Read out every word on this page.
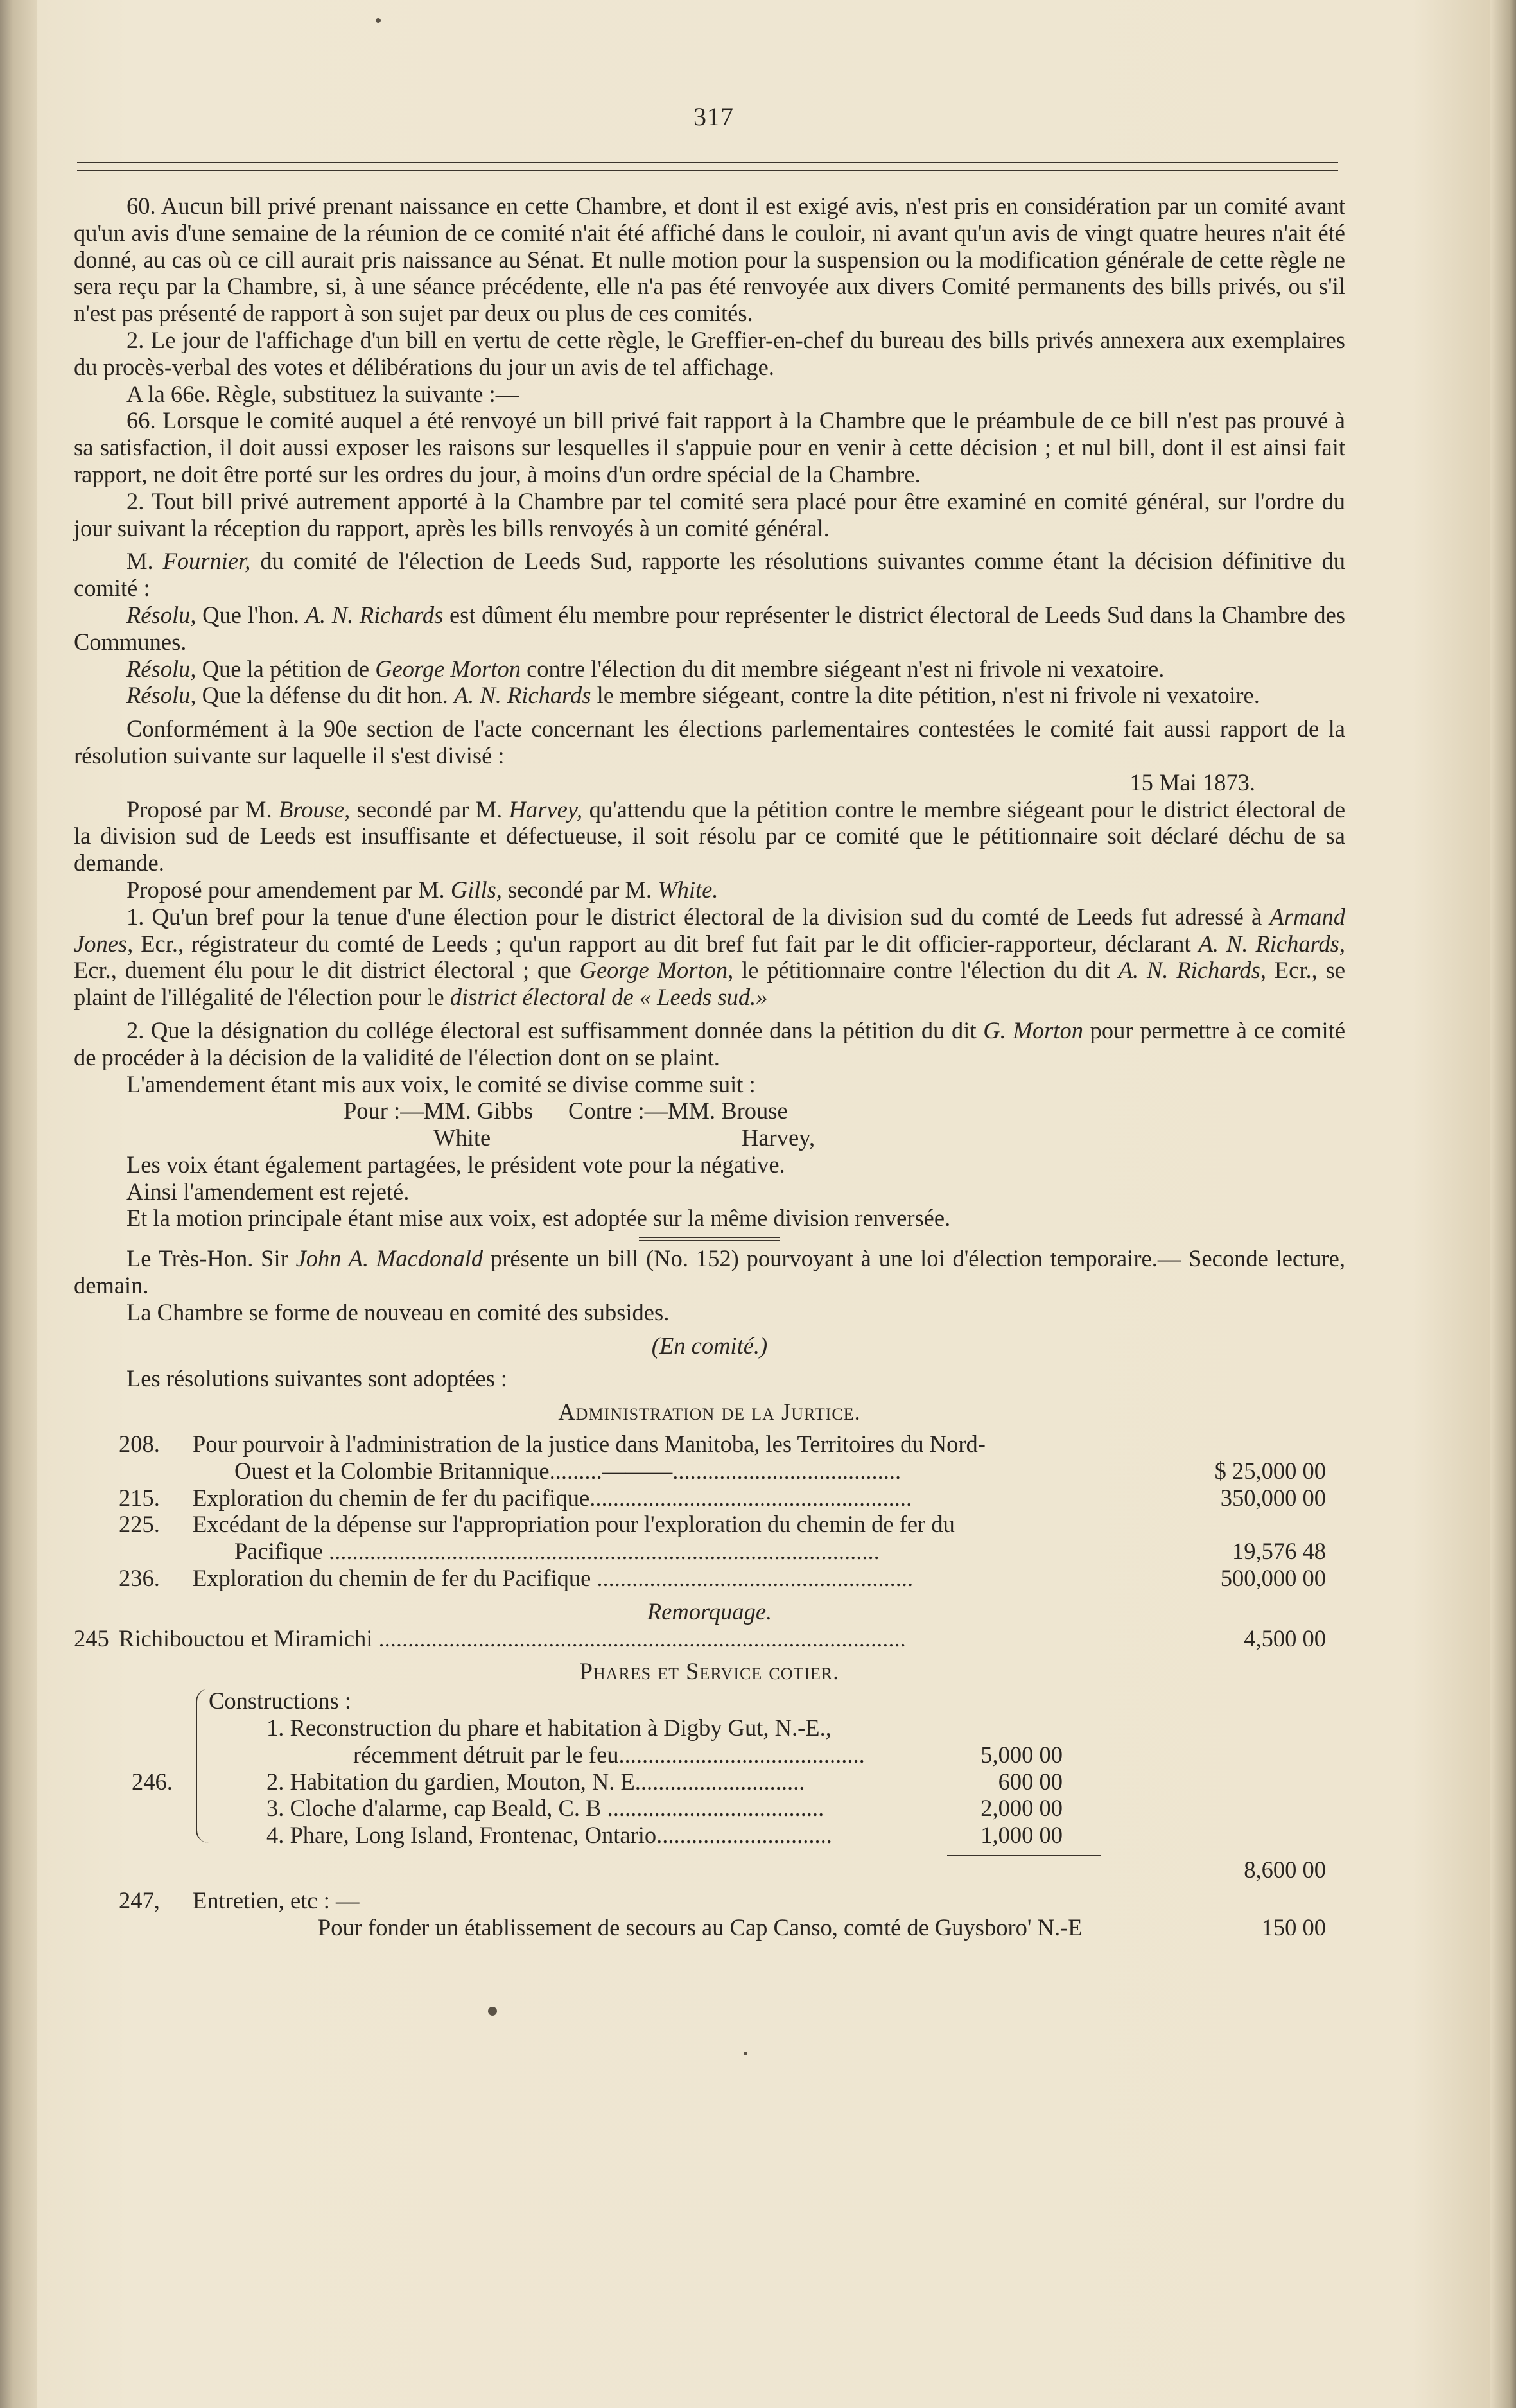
317

60. Aucun bill privé prenant naissance en cette Chambre, et dont il est exigé avis, n'est pris en considération par un comité avant qu'un avis d'une semaine de la réunion de ce comité n'ait été affiché dans le couloir, ni avant qu'un avis de vingt quatre heures n'ait été donné, au cas où ce cill aurait pris naissance au Sénat. Et nulle motion pour la suspension ou la modification générale de cette règle ne sera reçu par la Chambre, si, à une séance précédente, elle n'a pas été renvoyée aux divers Comité permanents des bills privés, ou s'il n'est pas présenté de rapport à son sujet par deux ou plus de ces comités.

2. Le jour de l'affichage d'un bill en vertu de cette règle, le Greffier-en-chef du bureau des bills privés annexera aux exemplaires du procès-verbal des votes et délibérations du jour un avis de tel affichage.

A la 66e. Règle, substituez la suivante :—

66. Lorsque le comité auquel a été renvoyé un bill privé fait rapport à la Chambre que le préambule de ce bill n'est pas prouvé à sa satisfaction, il doit aussi exposer les raisons sur lesquelles il s'appuie pour en venir à cette décision ; et nul bill, dont il est ainsi fait rapport, ne doit être porté sur les ordres du jour, à moins d'un ordre spécial de la Chambre.

2. Tout bill privé autrement apporté à la Chambre par tel comité sera placé pour être examiné en comité général, sur l'ordre du jour suivant la réception du rapport, après les bills renvoyés à un comité général.

M. Fournier, du comité de l'élection de Leeds Sud, rapporte les résolutions suivantes comme étant la décision définitive du comité :

Résolu, Que l'hon. A. N. Richards est dûment élu membre pour représenter le district électoral de Leeds Sud dans la Chambre des Communes.

Résolu, Que la pétition de George Morton contre l'élection du dit membre siégeant n'est ni frivole ni vexatoire.

Résolu, Que la défense du dit hon. A. N. Richards le membre siégeant, contre la dite pétition, n'est ni frivole ni vexatoire.

Conformément à la 90e section de l'acte concernant les élections parlementaires contestées le comité fait aussi rapport de la résolution suivante sur laquelle il s'est divisé :

15 Mai 1873.

Proposé par M. Brouse, secondé par M. Harvey, qu'attendu que la pétition contre le membre siégeant pour le district électoral de la division sud de Leeds est insuffisante et défectueuse, il soit résolu par ce comité que le pétitionnaire soit déclaré déchu de sa demande.

Proposé pour amendement par M. Gills, secondé par M. White.

1. Qu'un bref pour la tenue d'une élection pour le district électoral de la division sud du comté de Leeds fut adressé à Armand Jones, Ecr., régistrateur du comté de Leeds ; qu'un rapport au dit bref fut fait par le dit officier-rapporteur, déclarant A. N. Richards, Ecr., duement élu pour le dit district électoral ; que George Morton, le pétitionnaire contre l'élection du dit A. N. Richards, Ecr., se plaint de l'illégalité de l'élection pour le district électoral de « Leeds sud.»

2. Que la désignation du collége électoral est suffisamment donnée dans la pétition du dit G. Morton pour permettre à ce comité de procéder à la décision de la validité de l'élection dont on se plaint.

L'amendement étant mis aux voix, le comité se divise comme suit :

Pour :—MM. Gibbs	Contre :—MM. Brouse
White	Harvey,

Les voix étant également partagées, le président vote pour la négative.

Ainsi l'amendement est rejeté.

Et la motion principale étant mise aux voix, est adoptée sur la même division renversée.

Le Très-Hon. Sir John A. Macdonald présente un bill (No. 152) pourvoyant à une loi d'élection temporaire.— Seconde lecture, demain.

La Chambre se forme de nouveau en comité des subsides.

(En comité.)

Les résolutions suivantes sont adoptées :

Administration de la Jurtice.

208.	Pour pourvoir à l'administration de la justice dans Manitoba, les Territoires du Nord-
Ouest et la Colombie Britannique.........———.......................................	$ 25,000 00
215.	Exploration du chemin de fer du pacifique.......................................................	350,000 00
225.	Excédant de la dépense sur l'appropriation pour l'exploration du chemin de fer du
Pacifique ..............................................................................................	19,576 48
236.	Exploration du chemin de fer du Pacifique ......................................................	500,000 00

Remorquage.

245 Richibouctou et Miramichi ..........................................................................................	4,500 00

Phares et Service cotier.

246.
Constructions :
1. Reconstruction du phare et habitation à Digby Gut, N.-E.,
récemment détruit par le feu..........................................	5,000 00
2. Habitation du gardien, Mouton, N. E.............................	600 00
3. Cloche d'alarme, cap Beald, C. B .....................................	2,000 00
4. Phare, Long Island, Frontenac, Ontario..............................	1,000 00
8,600 00
247,	Entretien, etc : —
Pour fonder un établissement de secours au Cap Canso, comté de Guysboro' N.-E	150 00
